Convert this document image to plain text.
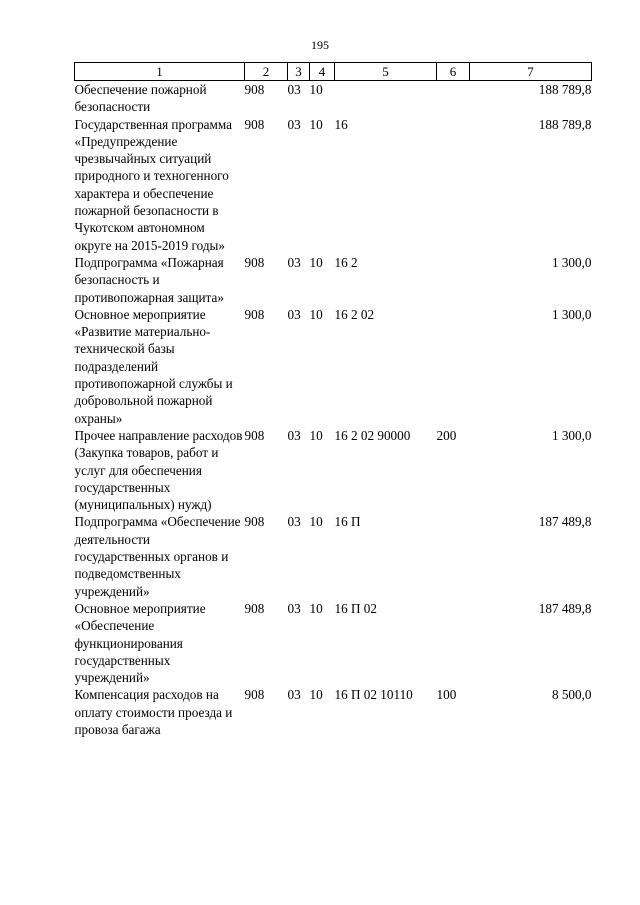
195
1	2	3	4	5	6	7
Обеспечение пожарной безопасности	908	03	10			188 789,8
Государственная программа «Предупреждение чрезвычайных ситуаций природного и техногенного характера и обеспечение пожарной безопасности в Чукотском автономном округе на 2015-2019 годы»	908	03	10	16		188 789,8
Подпрограмма «Пожарная безопасность и противопожарная защита»	908	03	10	16 2		1 300,0
Основное мероприятие «Развитие материально-технической базы подразделений противопожарной службы и добровольной пожарной охраны»	908	03	10	16 2 02		1 300,0
Прочее направление расходов (Закупка товаров, работ и услуг для обеспечения государственных (муниципальных) нужд)	908	03	10	16 2 02 90000	200	1 300,0
Подпрограмма «Обеспечение деятельности государственных органов и подведомственных учреждений»	908	03	10	16 П		187 489,8
Основное мероприятие «Обеспечение функционирования государственных учреждений»	908	03	10	16 П 02		187 489,8
Компенсация расходов на оплату стоимости проезда и провоза багажа	908	03	10	16 П 02 10110	100	8 500,0
